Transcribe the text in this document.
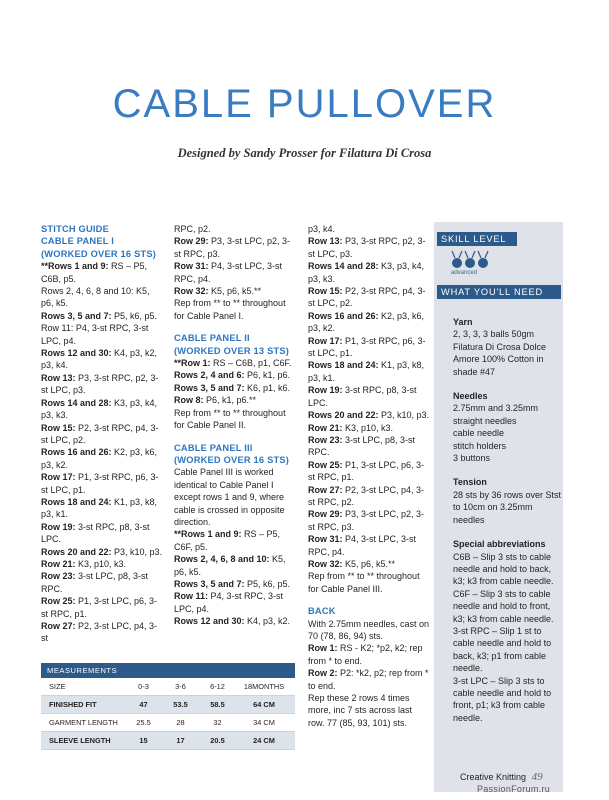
CABLE PULLOVER
Designed by Sandy Prosser for Filatura Di Crosa

STITCH GUIDE

CABLE PANEL I

(WORKED OVER 16 STS)

**Rows 1 and 9: RS – P5, C6B, p5.

Rows 2, 4, 6, 8 and 10: K5, p6, k5.

Rows 3, 5 and 7: P5, k6, p5.

Row 11: P4, 3-st RPC, 3-st LPC, p4.

Rows 12 and 30: K4, p3, k2, p3, k4.

Row 13: P3, 3-st RPC, p2, 3-st LPC, p3.

Rows 14 and 28: K3, p3, k4, p3, k3.

Row 15: P2, 3-st RPC, p4, 3-st LPC, p2.

Rows 16 and 26: K2, p3, k6, p3, k2.

Row 17: P1, 3-st RPC, p6, 3-st LPC, p1.

Rows 18 and 24: K1, p3, k8, p3, k1.

Row 19: 3-st RPC, p8, 3-st LPC.

Rows 20 and 22: P3, k10, p3.

Row 21: K3, p10, k3.

Row 23: 3-st LPC, p8, 3-st RPC.

Row 25: P1, 3-st LPC, p6, 3-st RPC, p1.

Row 27: P2, 3-st LPC, p4, 3-st

RPC, p2.

Row 29: P3, 3-st LPC, p2, 3-st RPC, p3.

Row 31: P4, 3-st LPC, 3-st RPC, p4.

Row 32: K5, p6, k5.**

Rep from ** to ** throughout for Cable Panel I.

CABLE PANEL II

(WORKED OVER 13 STS)

**Row 1: RS – C6B, p1, C6F.

Rows 2, 4 and 6: P6, k1, p6.

Rows 3, 5 and 7: K6, p1, k6.

Row 8: P6, k1, p6.**

Rep from ** to ** throughout for Cable Panel II.

CABLE PANEL III

(WORKED OVER 16 STS)

Cable Panel III is worked identical to Cable Panel I except rows 1 and 9, where cable is crossed in opposite direction.

**Rows 1 and 9: RS – P5, C6F, p5.

Rows 2, 4, 6, 8 and 10: K5, p6, k5.

Rows 3, 5 and 7: P5, k6, p5.

Row 11: P4, 3-st RPC, 3-st LPC, p4.

Rows 12 and 30: K4, p3, k2.

p3, k4.

Row 13: P3, 3-st RPC, p2, 3-st LPC, p3.

Rows 14 and 28: K3, p3, k4, p3, k3.

Row 15: P2, 3-st RPC, p4, 3-st LPC, p2.

Rows 16 and 26: K2, p3, k6, p3, k2.

Row 17: P1, 3-st RPC, p6, 3-st LPC, p1.

Rows 18 and 24: K1, p3, k8, p3, k1.

Row 19: 3-st RPC, p8, 3-st LPC.

Rows 20 and 22: P3, k10, p3.

Row 21: K3, p10, k3.

Row 23: 3-st LPC, p8, 3-st RPC.

Row 25: P1, 3-st LPC, p6, 3-st RPC, p1.

Row 27: P2, 3-st LPC, p4, 3-st RPC, p2.

Row 29: P3, 3-st LPC, p2, 3-st RPC, p3.

Row 31: P4, 3-st LPC, 3-st RPC, p4.

Row 32: K5, p6, k5.**

Rep from ** to ** throughout for Cable Panel III.

BACK

With 2.75mm needles, cast on 70 (78, 86, 94) sts.

Row 1: RS - K2; *p2, k2; rep from * to end.

Row 2: P2: *k2, p2; rep from * to end.

Rep these 2 rows 4 times more, inc 7 sts across last row. 77 (85, 93, 101) sts.

MEASUREMENTS
SIZE	0-3	3-6	6-12	18MONTHS
FINISHED FIT	47	53.5	58.5	64 CM
GARMENT LENGTH	25.5	28	32	34 CM
SLEEVE LENGTH	15	17	20.5	24 CM
SKILL LEVEL
advanced
WHAT YOU'LL NEED

Yarn

2, 3, 3, 3 balls 50gm Filatura Di Crosa Dolce Amore 100% Cotton in shade #47

Needles

2.75mm and 3.25mm straight needles

cable needle

stitch holders

3 buttons

Tension

28 sts by 36 rows over Stst to 10cm on 3.25mm needles

Special abbreviations

C6B – Slip 3 sts to cable needle and hold to back, k3; k3 from cable needle.

C6F – Slip 3 sts to cable needle and hold to front, k3; k3 from cable needle.

3-st RPC – Slip 1 st to cable needle and hold to back, k3; p1 from cable needle.

3-st LPC – Slip 3 sts to cable needle and hold to front, p1; k3 from cable needle.

Creative Knitting 49
PassionForum.ru
